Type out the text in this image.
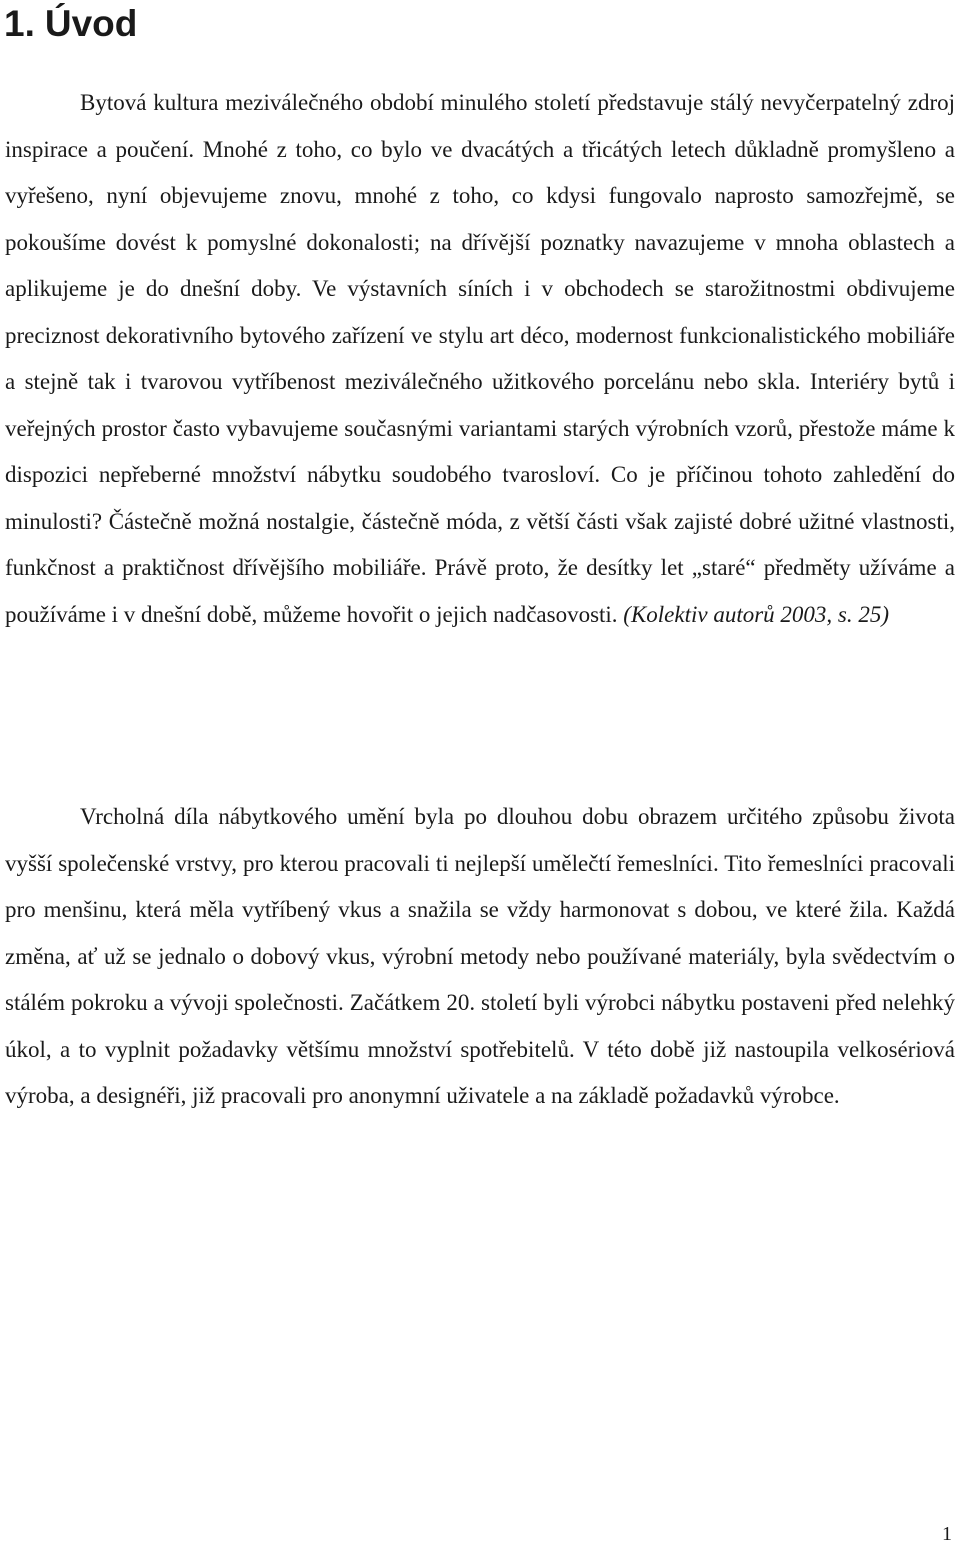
1. Úvod

Bytová kultura meziválečného období minulého století představuje stálý nevyčerpatelný zdroj inspirace a poučení. Mnohé z toho, co bylo ve dvacátých a třicátých letech důkladně promyšleno a vyřešeno, nyní objevujeme znovu, mnohé z toho, co kdysi fungovalo naprosto samozřejmě, se pokoušíme dovést k pomyslné dokonalosti; na dřívější poznatky navazujeme v mnoha oblastech a aplikujeme je do dnešní doby. Ve výstavních síních i v obchodech se starožitnostmi obdivujeme preciznost dekorativního bytového zařízení ve stylu art déco, modernost funkcionalistického mobiliáře a stejně tak i tvarovou vytříbenost meziválečného užitkového porcelánu nebo skla. Interiéry bytů i veřejných prostor často vybavujeme současnými variantami starých výrobních vzorů, přestože máme k dispozici nepřeberné množství nábytku soudobého tvarosloví. Co je příčinou tohoto zahledění do minulosti? Částečně možná nostalgie, částečně móda, z větší části však zajisté dobré užitné vlastnosti, funkčnost a praktičnost dřívějšího mobiliáře. Právě proto, že desítky let „staré“ předměty užíváme a používáme i v dnešní době, můžeme hovořit o jejich nadčasovosti. (Kolektiv autorů 2003, s. 25)

Vrcholná díla nábytkového umění byla po dlouhou dobu obrazem určitého způsobu života vyšší společenské vrstvy, pro kterou pracovali ti nejlepší umělečtí řemeslníci. Tito řemeslníci pracovali pro menšinu, která měla vytříbený vkus a snažila se vždy harmonovat s dobou, ve které žila. Každá změna, ať už se jednalo o dobový vkus, výrobní metody nebo používané materiály, byla svědectvím o stálém pokroku a vývoji společnosti. Začátkem 20. století byli výrobci nábytku postaveni před nelehký úkol, a to vyplnit požadavky většímu množství spotřebitelů. V této době již nastoupila velkosériová výroba, a designéři, již pracovali pro anonymní uživatele a na základě požadavků výrobce.

1
